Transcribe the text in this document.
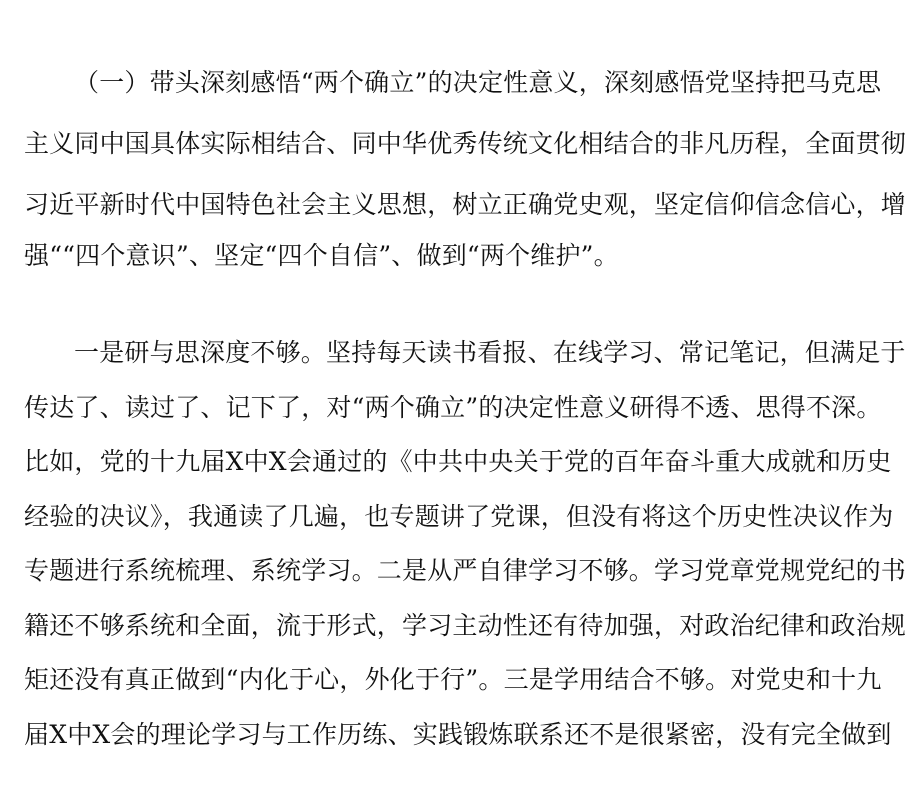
（一）带头深刻感悟“两个确立”的决定性意义，深刻感悟党坚持把马克思
主义同中国具体实际相结合、同中华优秀传统文化相结合的非凡历程，全面贯彻
习近平新时代中国特色社会主义思想，树立正确党史观，坚定信仰信念信心，增
强““四个意识”、坚定“四个自信”、做到“两个维护”。
一是研与思深度不够。坚持每天读书看报、在线学习、常记笔记，但满足于
传达了、读过了、记下了，对“两个确立”的决定性意义研得不透、思得不深。
比如，党的十九届X中X会通过的《中共中央关于党的百年奋斗重大成就和历史
经验的决议》，我通读了几遍，也专题讲了党课，但没有将这个历史性决议作为
专题进行系统梳理、系统学习。二是从严自律学习不够。学习党章党规党纪的书
籍还不够系统和全面，流于形式，学习主动性还有待加强，对政治纪律和政治规
矩还没有真正做到“内化于心，外化于行”。三是学用结合不够。对党史和十九
届X中X会的理论学习与工作历练、实践锻炼联系还不是很紧密，没有完全做到
